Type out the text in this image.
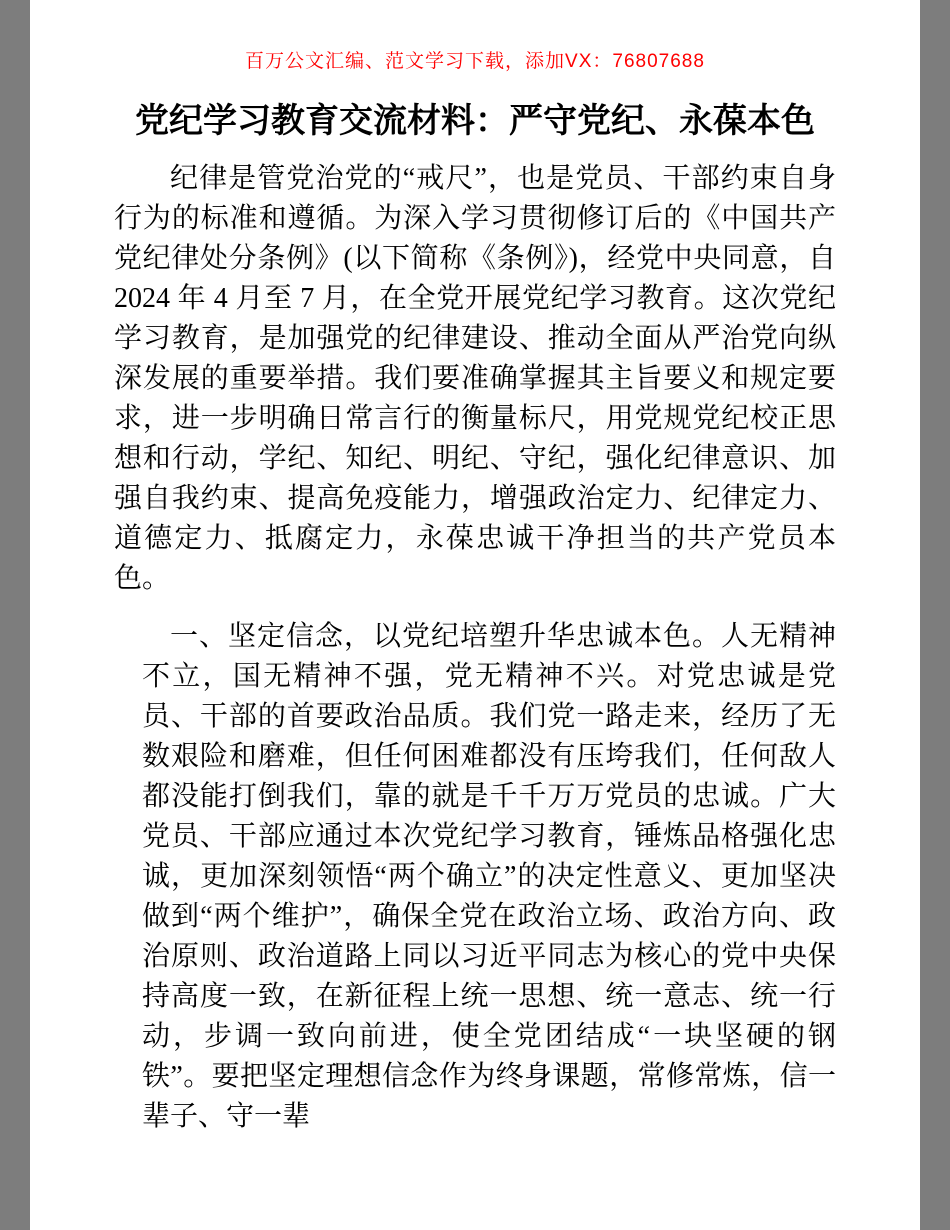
百万公文汇编、范文学习下载，添加VX：76807688

党纪学习教育交流材料：严守党纪、永葆本色

纪律是管党治党的“戒尺”，也是党员、干部约束自身行为的标准和遵循。为深入学习贯彻修订后的《中国共产党纪律处分条例》(以下简称《条例》)，经党中央同意，自 2024 年 4 月至 7 月，在全党开展党纪学习教育。这次党纪学习教育，是加强党的纪律建设、推动全面从严治党向纵深发展的重要举措。我们要准确掌握其主旨要义和规定要求，进一步明确日常言行的衡量标尺，用党规党纪校正思想和行动，学纪、知纪、明纪、守纪，强化纪律意识、加强自我约束、提高免疫能力，增强政治定力、纪律定力、道德定力、抵腐定力，永葆忠诚干净担当的共产党员本色。

一、坚定信念，以党纪培塑升华忠诚本色。人无精神不立，国无精神不强，党无精神不兴。对党忠诚是党员、干部的首要政治品质。我们党一路走来，经历了无数艰险和磨难，但任何困难都没有压垮我们，任何敌人都没能打倒我们，靠的就是千千万万党员的忠诚。广大党员、干部应通过本次党纪学习教育，锤炼品格强化忠诚，更加深刻领悟“两个确立”的决定性意义、更加坚决做到“两个维护”，确保全党在政治立场、政治方向、政治原则、政治道路上同以习近平同志为核心的党中央保持高度一致，在新征程上统一思想、统一意志、统一行动，步调一致向前进，使全党团结成“一块坚硬的钢铁”。要把坚定理想信念作为终身课题，常修常炼，信一辈子、守一辈
